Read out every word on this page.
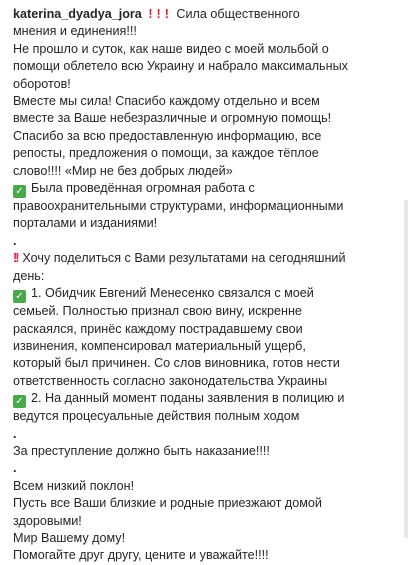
katerina_dyadya_jora ! ! ! Сила общественного
мнения и единения!!!
Не прошло и суток, как наше видео с моей мольбой о
помощи облетело всю Украину и набрало максимальных
оборотов!
Вместе мы сила! Спасибо каждому отдельно и всем
вместе за Ваше небезразличные и огромную помощь!
Спасибо за всю предоставленную информацию, все
репосты, предложения о помощи, за каждое тёплое
слово!!!! «Мир не без добрых людей»
✓ Была проведённая огромная работа с
правоохранительными структурами, информационными
порталами и изданиями!
.
!! Хочу поделиться с Вами результатами на сегодняшний
день:
✓ 1. Обидчик Евгений Менесенко связался с моей
семьей. Полностью признал свою вину, искренне
раскаялся, принёс каждому пострадавшему свои
извинения, компенсировал материальный ущерб,
который был причинен. Со слов виновника, готов нести
ответственность согласно законодательства Украины
✓ 2. На данный момент поданы заявления в полицию и
ведутся процесуальные действия полным ходом
.
За преступление должно быть наказание!!!!
.
Всем низкий поклон!
Пусть все Ваши близкие и родные приезжают домой
здоровыми!
Мир Вашему дому!
Помогайте друг другу, цените и уважайте!!!!
